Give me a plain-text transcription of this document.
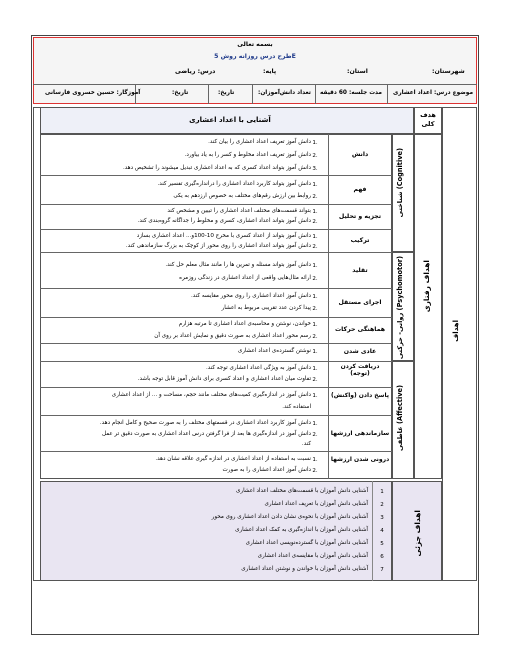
بسمه تعالی
طرح درس روزانه روش 5E
شهرستان:
استان:
پایه:
درس: ریاضی
موضوع درس: اعداد اعشاری
مدت جلسه: 60 دقیقه
تعداد دانش‌آموزان:
تاریخ:
تاریخ:
آموزگار: حسین خسروی فارسانی
آشنایی با اعداد اعشاری
هدف کلی
اهداف
اهداف رفتاری
شناختی (Cognitive)
روانی- حرکتی (Psychomotor)
عاطفی (Affective)
دانش
فهم
تجزیه و تحلیل
ترکیب
1.
دانش آموز تعریف اعداد اعشاری را بیان کند.
2.
دانش آموز تعریف اعداد مخلوط و کسر را به یاد بیاورد.
3.
دانش آموز بتواند اعداد کسری که به اعداد اعشاری تبدیل میشوند را تشخیص دهد.
1.
دانش آموز بتواند کاربرد اعداد اعشاری را درانداره‌گیری تفسیر کند.
2.
روابط بین ارزش رقم‌های مختلف به خصوص ارزدهم به یکی
1.
بتواند قسمت‌های مختلف اعداد اعشاری را تبیین و مشخص کند
2.
دانش آموز بتواند اعداد اعشاری، کسری و مخلوط را جداگانه گروه‌بندی کند.
1.
دانش آموز بتواند از اعداد کسری با مخرج 10-100و... اعداد اعشاری بسازد
2.
دانش آموز بتواند اعداد اعشاری را روی محور از کوچک به بزرگ سازماندهی کند.
تقلید
اجرای مستقل
هماهنگی حرکات
عادی شدن
1.
دانش آموز بتواند مسئله و تمرین ها را مانند مثال معلم حل کند.
2.
ارائه مثال‌هایی واقعی از اعداد اعشاری در زندگی روزمره
1.
دانش آموز اعداد اعشاری را روی محور مقایسه کند.
2.
پیدا کردن عدد تقریبی مربوط به اعشار
1.
خواندن، نوشتن و محاسبه‌ی اعداد اعشاری تا مرتبه هزارم
2.
رسم محور اعداد اعشاری به صورت دقیق و نمایش اعداد بر روی آن
1.
نوشتن گسترده‌ی اعداد اعشاری
دریافت کردن (توجه)
پاسخ دادن (واکنش)
سازماندهی ارزشها
درونی شدن ارزشها
1.
دانش آموز به ویژگی اعداد اعشاری توجه کند.
2.
تفاوت میان اعداد اعشاری و اعداد کسری برای دانش آموز قابل توجه باشد.
1.
دانش آموز در اندازه‌گیری کمیت‌های مختلف مانند حجم، مساحت و ... از اعداد اعشاری
استفاده کند.
1.
دانش آموز کاربرد اعداد اعشاری در قسمتهای مختلف را به صورت صحیح و کامل انجام دهد.
2.
دانش آموز در اندازه‌گیری ها بعد از فرا گرفتن درس اعداد اعشاری به صورت دقیق تر عمل
کند.
1.
نسبت به استفاده از اعداد اعشاری در اندازه گیری علاقه نشان دهد.
2.
دانش آموز اعداد اعشاری را به صورت
اهداف جزئی
1
آشنایی دانش آموزان با قسمت‌های مختلف اعداد اعشاری
2
آشنایی دانش آموزان با تعریف اعداد اعشاری
3
آشنایی دانش آموزان با نحوه‌ی نشان دادن اعداد اعشاری روی محور
4
آشنایی دانش آموزان با اندازه‌گیری به کمک اعداد اعشاری
5
آشنایی دانش آموزان با گسترده‌نویسی اعداد اعشاری
6
آشنایی دانش آموزان با مقایسه‌ی اعداد اعشاری
7
آشنایی دانش آموزان با خواندن و نوشتن اعداد اعشاری
